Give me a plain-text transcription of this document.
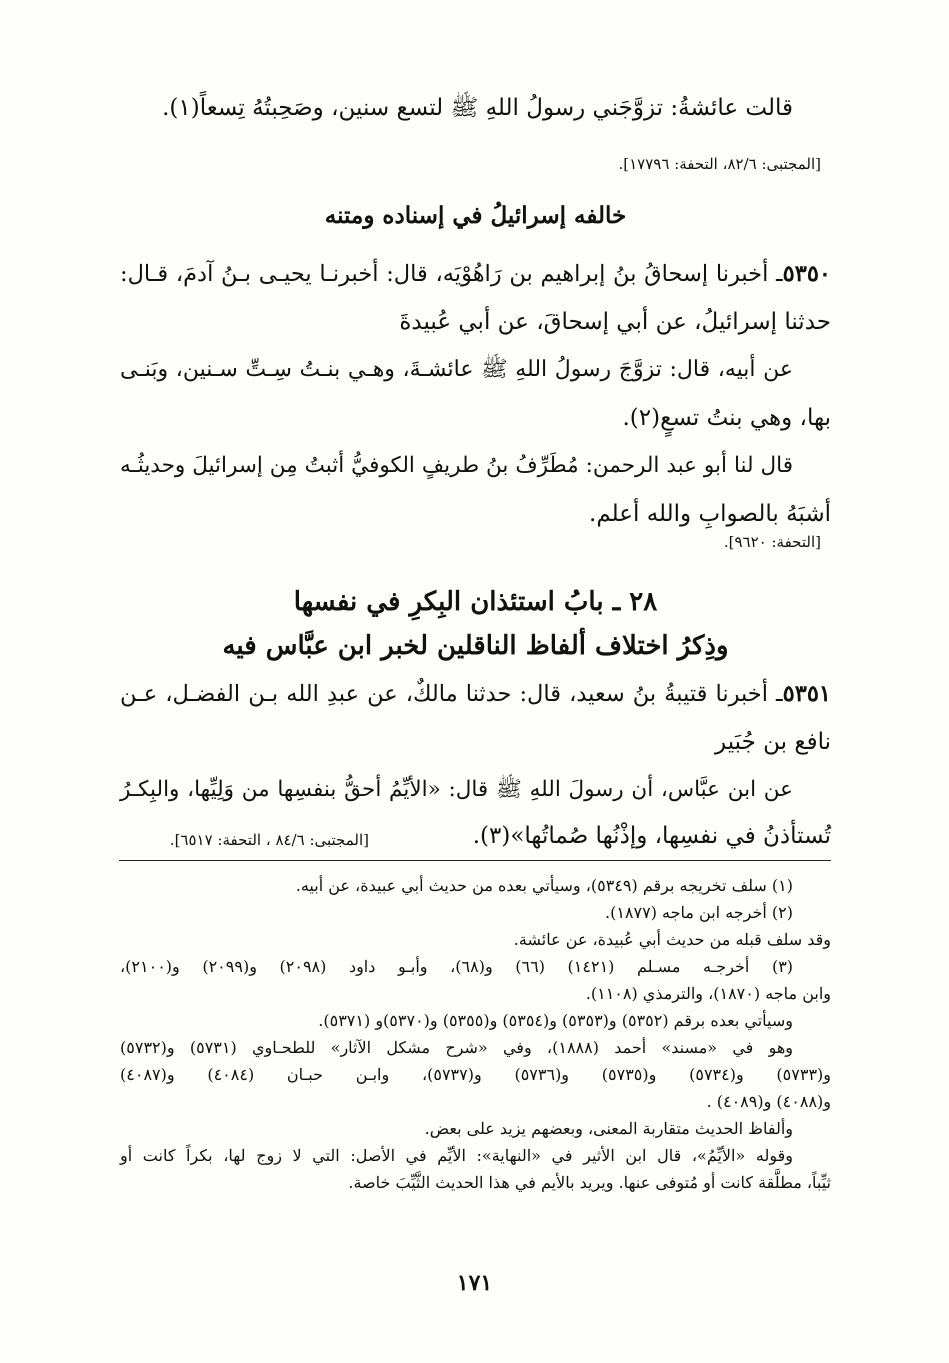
قالت عائشةُ: تزوَّجَني رسولُ اللهِ ﷺ لتسع سنين، وصَحِبتُهُ تِسعاً(١).

[المجتبى: ٨٢/٦، التحفة: ١٧٧٩٦].

خالفه إسرائيلُ في إسناده ومتنه

٥٣٥٠ـ أخبرنا إسحاقُ بنُ إبراهيم بن رَاهُوْيَه، قال: أخبرنـا يحيـى بـنُ آدمَ، قـال:

حدثنا إسرائيلُ، عن أبي إسحاقَ، عن أبي عُبيدةَ

عن أبيه، قال: تزوَّجَ رسولُ اللهِ ﷺ عائشـةَ، وهـي بنـتُ سِـتِّ سـنين، وبَنـى

بها، وهي بنتُ تسعٍ(٢).

قال لنا أبو عبد الرحمن: مُطَرِّفُ بنُ طريفٍ الكوفيُّ أثبتُ مِن إسرائيلَ وحديثُـه

أشبَهُ بالصوابِ والله أعلم.

[التحفة: ٩٦٢٠].

٢٨ ـ بابُ استئذان البِكرِ في نفسها

وذِكرُ اختلاف ألفاظ الناقلين لخبر ابن عبَّاس فيه

٥٣٥١ـ أخبرنا قتيبةُ بنُ سعيد، قال: حدثنا مالكٌ، عن عبدِ الله بـن الفضـل، عـن

نافع بن جُبَير

عن ابن عبَّاس، أن رسولَ اللهِ ﷺ قال: «الأيِّمُ أحقُّ بنفسِها من وَلِيِّها، والبِكـرُ

تُستأذنُ في نفسِها، وإذْنُها صُماتُها»(٣).

[المجتبى: ٨٤/٦ ، التحفة: ٦٥١٧].

(١) سلف تخريجه برقم (٥٣٤٩)، وسيأتي بعده من حديث أبي عبيدة، عن أبيه.

(٢) أخرجه ابن ماجه (١٨٧٧).

وقد سلف قبله من حديث أبي عُبيدة، عن عائشة.

(٣) أخرجـه مسـلم (١٤٢١) (٦٦) و(٦٨)، وأبـو داود (٢٠٩٨) و(٢٠٩٩) و(٢١٠٠)،

وابن ماجه (١٨٧٠)، والترمذي (١١٠٨).

وسيأتي بعده برقم (٥٣٥٢) و(٥٣٥٣) و(٥٣٥٤) و(٥٣٥٥) و(٥٣٧٠)و (٥٣٧١).

وهو في «مسند» أحمد (١٨٨٨)، وفي «شرح مشكل الآثار» للطحـاوي (٥٧٣١) و(٥٧٣٢)

و(٥٧٣٣) و(٥٧٣٤) و(٥٧٣٥) و(٥٧٣٦) و(٥٧٣٧)، وابـن حبـان (٤٠٨٤) و(٤٠٨٧)

و(٤٠٨٨) و(٤٠٨٩) .

وألفاظ الحديث متقاربة المعنى، وبعضهم يزيد على بعض.

وقوله «الأيِّمُ»، قال ابن الأثير في «النهاية»: الأيِّم في الأصل: التي لا زوج لها، بكراً كانت أو

ثيِّباً، مطلَّقة كانت أو مُتوفى عنها. ويريد بالأيم في هذا الحديث الثَّيِّبَ خاصة.

١٧١
